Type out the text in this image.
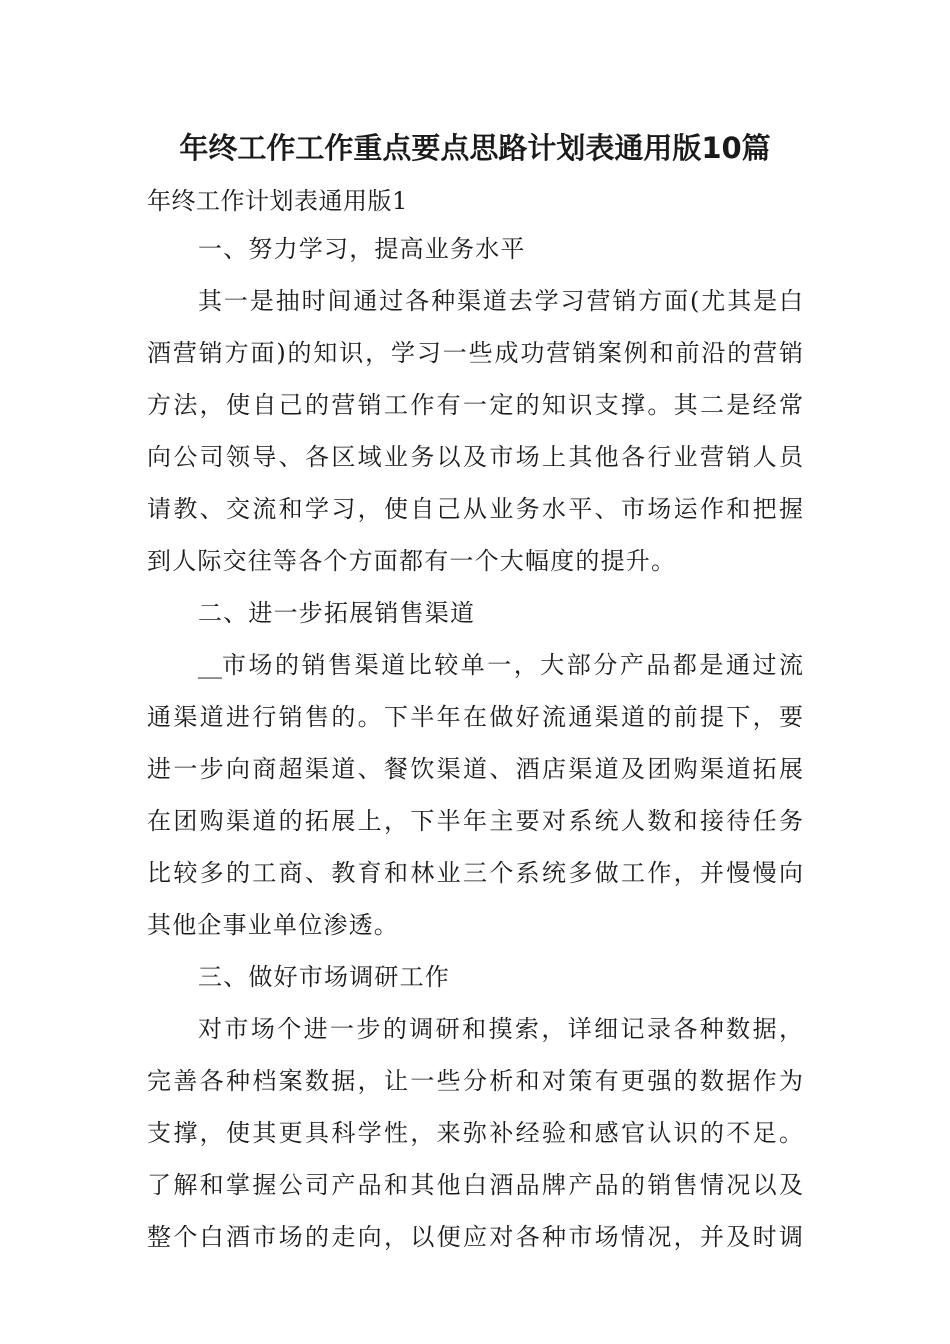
年终工作工作重点要点思路计划表通用版10篇

年终工作计划表通用版1

一、努力学习，提高业务水平

其一是抽时间通过各种渠道去学习营销方面(尤其是白

酒营销方面)的知识，学习一些成功营销案例和前沿的营销

方法，使自己的营销工作有一定的知识支撑。其二是经常

向公司领导、各区域业务以及市场上其他各行业营销人员

请教、交流和学习，使自己从业务水平、市场运作和把握

到人际交往等各个方面都有一个大幅度的提升。

二、进一步拓展销售渠道

__ 市场的销售渠道比较单一，大部分产品都是通过流

通渠道进行销售的。下半年在做好流通渠道的前提下，要

进一步向商超渠道、餐饮渠道、酒店渠道及团购渠道拓展

在团购渠道的拓展上，下半年主要对系统人数和接待任务

比较多的工商、教育和林业三个系统多做工作，并慢慢向

其他企事业单位渗透。

三、做好市场调研工作

对市场个进一步的调研和摸索，详细记录各种数据，

完善各种档案数据，让一些分析和对策有更强的数据作为

支撑，使其更具科学性，来弥补经验和感官认识的不足。

了解和掌握公司产品和其他白酒品牌产品的销售情况以及

整个白酒市场的走向，以便应对各种市场情况，并及时调
